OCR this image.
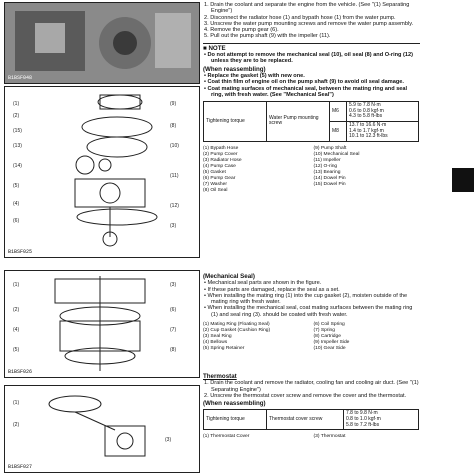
B1BSF048
(1)
(2)
(15)
(13)
(14)
(5)
(4)
(6)
(9)
(8)
(10)
(11)
(12)
(3)
B1BSF025
(1)
(2)
(4)
(5)
(3)
(6)
(7)
(8)
B1BSF026
(1)
(2)
(3)
B1BSF027
1. Drain the coolant and separate the engine from the vehicle. (See "(1) Separating Engine")
2. Disconnect the radiator hose (1) and bypath hose (1) from the water pump.
3. Unscrew the water pump mounting screws and remove the water pump assembly.
4. Remove the pump gear (6).
5. Pull out the pump shaft (9) with the impeller (11).
■ NOTE
• Do not attempt to remove the mechanical seal (10), oil seal (8) and O-ring (12) unless they are to be replaced.
(When reassembling)
• Replace the gasket (5) with new one.
• Coat thin film of engine oil on the pump shaft (9) to avoid oil seal damage.
• Coat mating surfaces of mechanical seal, between the mating ring and seal ring, with fresh water. (See "Mechanical Seal")
Tightening torque	Water Pump mounting screw	M6	5.9 to 7.8 N·m
0.6 to 0.8 kgf·m
4.3 to 5.8 ft-lbs
		M8	13.7 to 16.6 N·m
1.4 to 1.7 kgf·m
10.1 to 12.3 ft-lbs
(1) Bypath Hose	(9) Pump Shaft
(2) Pump Cover	(10) Mechanical Seal
(3) Radiator Hose	(11) Impeller
(4) Pump Case	(12) O-ring
(5) Gasket	(13) Bearing
(6) Pump Gear	(14) Dowel Pin
(7) Washer	(15) Dowel Pin
(8) Oil Seal
(Mechanical Seal)
• Mechanical seal parts are shown in the figure.
• If these parts are damaged, replace the seal as a set.
• When installing the mating ring (1) into the cup gasket (2), moisten outside of the mating ring with fresh water.
• When installing the mechanical seal, coat mating surfaces between the mating ring (1) and seal ring (3). should be coated with fresh water.
(1) Mating Ring (Floating Seal)	(6) Coil Spring
(2) Cup Gasket (Cushion Ring)	(7) Spring
(3) Seal Ring	(8) Cartridge
(4) Bellows	(9) Impeller Side
(5) Spring Retainer	(10) Gear Side
Thermostat
1. Drain the coolant and remove the radiator, cooling fan and cooling air duct. (See "(1) Separating Engine")
2. Unscrew the thermostat cover screw and remove the cover and the thermostat.
(When reassembling)
Tightening torque	Thermostat cover screw	7.8 to 9.8 N·m
0.8 to 1.0 kgf·m
5.8 to 7.2 ft-lbs
(1) Thermostat Cover	(3) Thermostat
